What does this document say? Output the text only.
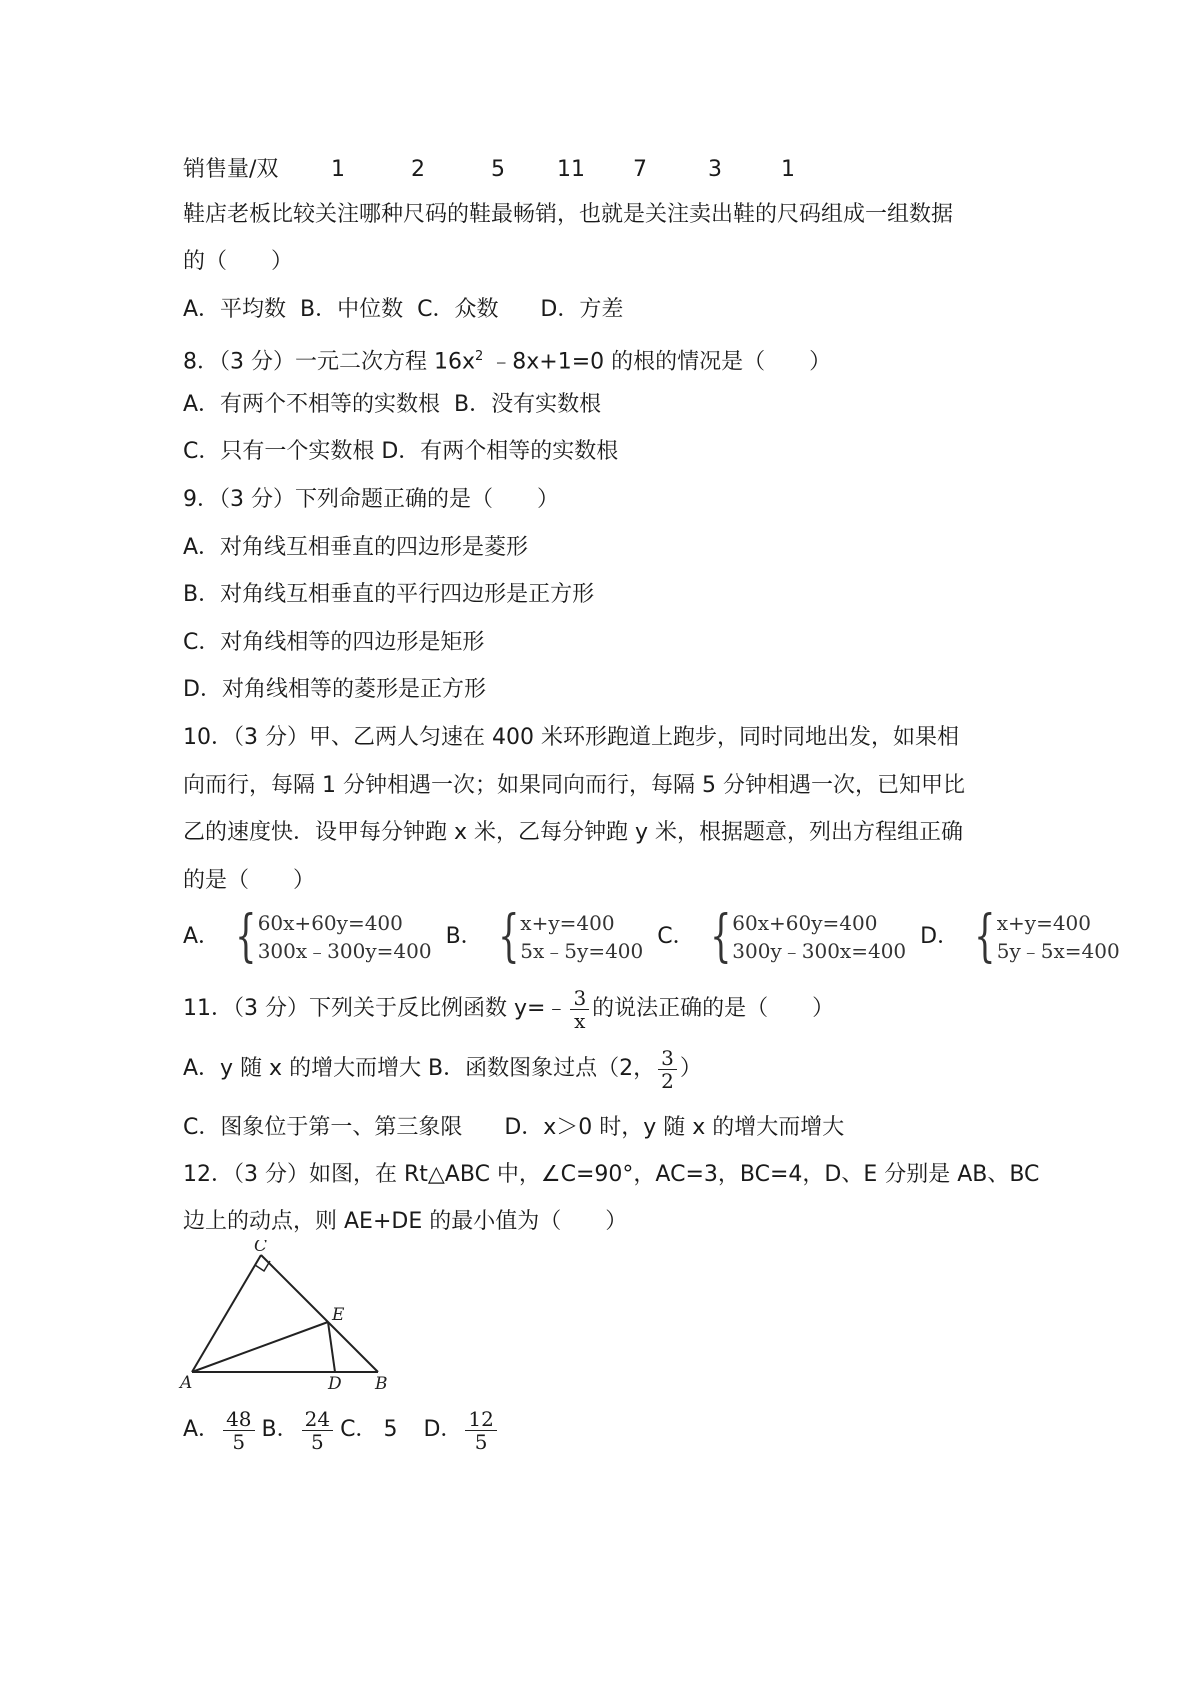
销售量/双 1	2	5 11 7	3	1
鞋店老板比较关注哪种尺码的鞋最畅销，也就是关注卖出鞋的尺码组成一组数据
的（　　）
A．平均数  B．中位数  C．众数      D．方差
8．（3 分）一元二次方程 $16x^2$ ﹣8x+1=0 的根的情况是（　　）
A．有两个不相等的实数根  B．没有实数根
C．只有一个实数根 D．有两个相等的实数根
9．（3 分）下列命题正确的是（　　）
A．对角线互相垂直的四边形是菱形
B．对角线互相垂直的平行四边形是正方形
C．对角线相等的四边形是矩形
D．对角线相等的菱形是正方形
10．（3 分）甲、乙两人匀速在 400 米环形跑道上跑步，同时同地出发，如果相
向而行，每隔 1 分钟相遇一次；如果同向而行，每隔 5 分钟相遇一次，已知甲比
乙的速度快．设甲每分钟跑 x 米，乙每分钟跑 y 米，根据题意，列出方程组正确
的是（　　）
A． { 60x+60y=400
300x﹣300y=400
B． { x+y=400
5x﹣5y=400
C． { 60x+60y=400
300y﹣300x=400
D． { x+y=400
5y﹣5x=400
11．（3 分）下列关于反比例函数 y=﹣ $\frac{3}{x}$ 的说法正确的是（　　）
A．y 随 x 的增大而增大 B．函数图象过点（2， $\frac{3}{2}$ ）
C．图象位于第一、第三象限      D．x＞0 时，y 随 x 的增大而增大
12．（3 分）如图，在 Rt△ABC 中，∠C=90°，AC=3，BC=4，D、E 分别是 AB、BC
边上的动点，则 AE+DE 的最小值为（　　）
C
E
A	D B
A． $\frac{48}{5}$ B． $\frac{24}{5}$ C． 5 D． $\frac{12}{5}$
